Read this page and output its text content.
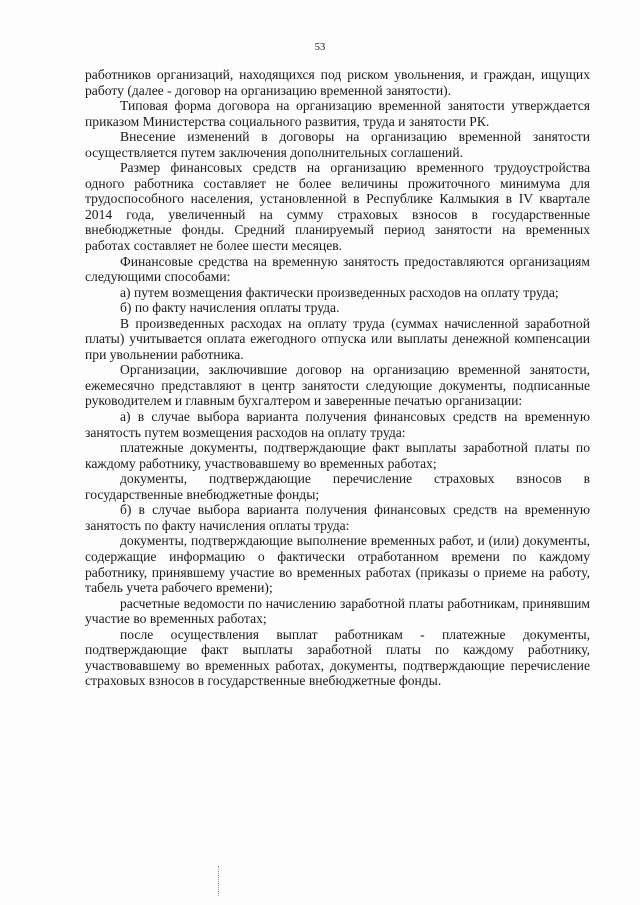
53

работников организаций, находящихся под риском увольнения, и граждан, ищущих работу (далее - договор на организацию временной занятости).

Типовая форма договора на организацию временной занятости утверждается приказом Министерства социального развития, труда и занятости РК.

Внесение изменений в договоры на организацию временной занятости осуществляется путем заключения дополнительных соглашений.

Размер финансовых средств на организацию временного трудоустройства одного работника составляет не более величины прожиточного минимума для трудоспособного населения, установленной в Республике Калмыкия в IV квартале 2014 года, увеличенный на сумму страховых взносов в государственные внебюджетные фонды. Средний планируемый период занятости на временных работах составляет не более шести месяцев.

Финансовые средства на временную занятость предоставляются организациям следующими способами:

а) путем возмещения фактически произведенных расходов на оплату труда;

б) по факту начисления оплаты труда.

В произведенных расходах на оплату труда (суммах начисленной заработной платы) учитывается оплата ежегодного отпуска или выплаты денежной компенсации при увольнении работника.

Организации, заключившие договор на организацию временной занятости, ежемесячно представляют в центр занятости следующие документы, подписанные руководителем и главным бухгалтером и заверенные печатью организации:

а) в случае выбора варианта получения финансовых средств на временную занятость путем возмещения расходов на оплату труда:

платежные документы, подтверждающие факт выплаты заработной платы по каждому работнику, участвовавшему во временных работах;

документы, подтверждающие перечисление страховых взносов в государственные внебюджетные фонды;

б) в случае выбора варианта получения финансовых средств на временную занятость по факту начисления оплаты труда:

документы, подтверждающие выполнение временных работ, и (или) документы, содержащие информацию о фактически отработанном времени по каждому работнику, принявшему участие во временных работах (приказы о приеме на работу, табель учета рабочего времени);

расчетные ведомости по начислению заработной платы работникам, принявшим участие во временных работах;

после осуществления выплат работникам - платежные документы, подтверждающие факт выплаты заработной платы по каждому работнику, участвовавшему во временных работах, документы, подтверждающие перечисление страховых взносов в государственные внебюджетные фонды.
